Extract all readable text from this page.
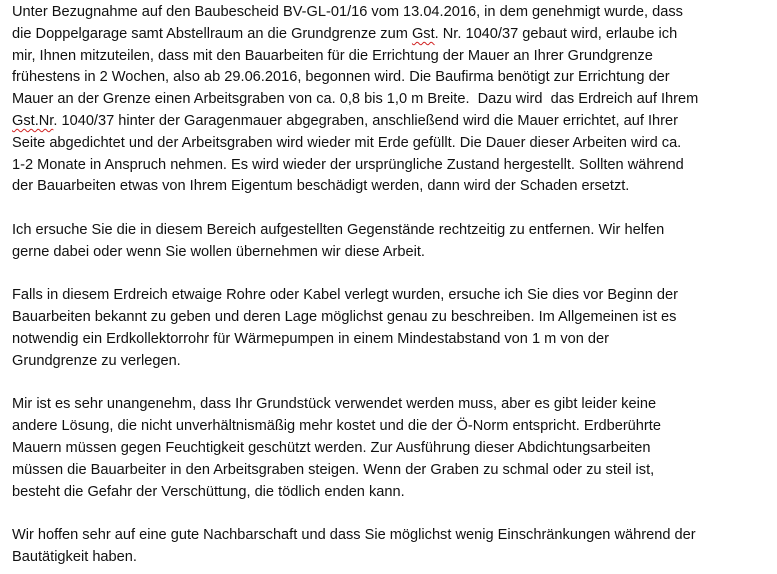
Unter Bezugnahme auf den Baubescheid BV-GL-01/16 vom 13.04.2016, in dem genehmigt wurde, dass
die Doppelgarage samt Abstellraum an die Grundgrenze zum Gst. Nr. 1040/37 gebaut wird, erlaube ich
mir, Ihnen mitzuteilen, dass mit den Bauarbeiten für die Errichtung der Mauer an Ihrer Grundgrenze
frühestens in 2 Wochen, also ab 29.06.2016, begonnen wird. Die Baufirma benötigt zur Errichtung der
Mauer an der Grenze einen Arbeitsgraben von ca. 0,8 bis 1,0 m Breite.  Dazu wird  das Erdreich auf Ihrem
Gst.Nr. 1040/37 hinter der Garagenmauer abgegraben, anschließend wird die Mauer errichtet, auf Ihrer
Seite abgedichtet und der Arbeitsgraben wird wieder mit Erde gefüllt. Die Dauer dieser Arbeiten wird ca.
1-2 Monate in Anspruch nehmen. Es wird wieder der ursprüngliche Zustand hergestellt. Sollten während
der Bauarbeiten etwas von Ihrem Eigentum beschädigt werden, dann wird der Schaden ersetzt.

Ich ersuche Sie die in diesem Bereich aufgestellten Gegenstände rechtzeitig zu entfernen. Wir helfen
gerne dabei oder wenn Sie wollen übernehmen wir diese Arbeit.

Falls in diesem Erdreich etwaige Rohre oder Kabel verlegt wurden, ersuche ich Sie dies vor Beginn der
Bauarbeiten bekannt zu geben und deren Lage möglichst genau zu beschreiben. Im Allgemeinen ist es
notwendig ein Erdkollektorrohr für Wärmepumpen in einem Mindestabstand von 1 m von der
Grundgrenze zu verlegen.

Mir ist es sehr unangenehm, dass Ihr Grundstück verwendet werden muss, aber es gibt leider keine
andere Lösung, die nicht unverhältnismäßig mehr kostet und die der Ö-Norm entspricht. Erdberührte
Mauern müssen gegen Feuchtigkeit geschützt werden. Zur Ausführung dieser Abdichtungsarbeiten
müssen die Bauarbeiter in den Arbeitsgraben steigen. Wenn der Graben zu schmal oder zu steil ist,
besteht die Gefahr der Verschüttung, die tödlich enden kann.

Wir hoffen sehr auf eine gute Nachbarschaft und dass Sie möglichst wenig Einschränkungen während der
Bautätigkeit haben.
